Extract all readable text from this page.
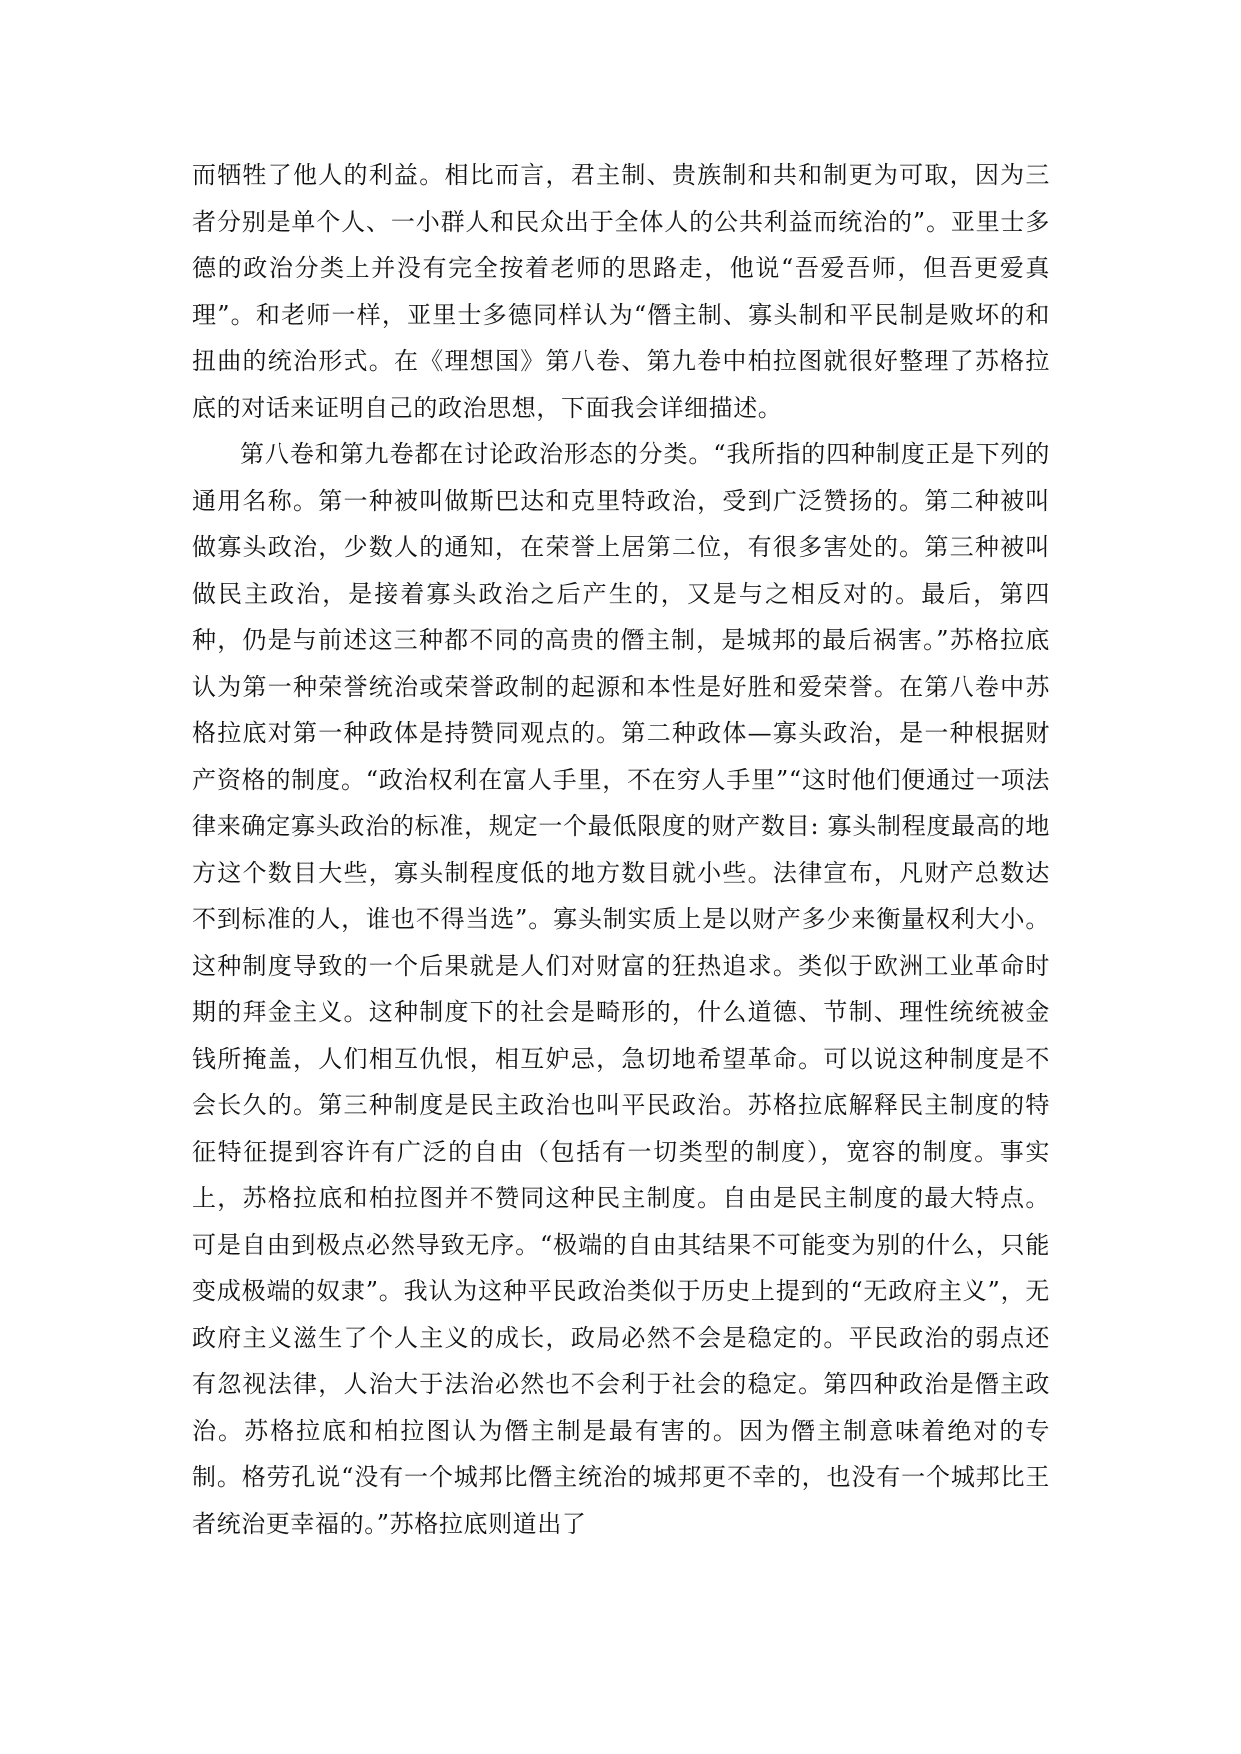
而牺牲了他人的利益。相比而言，君主制、贵族制和共和制更为可取，因为三者分别是单个人、一小群人和民众出于全体人的公共利益而统治的”。亚里士多德的政治分类上并没有完全按着老师的思路走，他说“吾爱吾师，但吾更爱真理”。和老师一样，亚里士多德同样认为“僭主制、寡头制和平民制是败坏的和扭曲的统治形式。在《理想国》第八卷、第九卷中柏拉图就很好整理了苏格拉底的对话来证明自己的政治思想，下面我会详细描述。

第八卷和第九卷都在讨论政治形态的分类。“我所指的四种制度正是下列的通用名称。第一种被叫做斯巴达和克里特政治，受到广泛赞扬的。第二种被叫做寡头政治，少数人的通知，在荣誉上居第二位，有很多害处的。第三种被叫做民主政治，是接着寡头政治之后产生的，又是与之相反对的。最后，第四种，仍是与前述这三种都不同的高贵的僭主制，是城邦的最后祸害。”苏格拉底认为第一种荣誉统治或荣誉政制的起源和本性是好胜和爱荣誉。在第八卷中苏格拉底对第一种政体是持赞同观点的。第二种政体—寡头政治，是一种根据财产资格的制度。“政治权利在富人手里，不在穷人手里”“这时他们便通过一项法律来确定寡头政治的标准，规定一个最低限度的财产数目: 寡头制程度最高的地方这个数目大些，寡头制程度低的地方数目就小些。法律宣布，凡财产总数达不到标准的人，谁也不得当选”。寡头制实质上是以财产多少来衡量权利大小。这种制度导致的一个后果就是人们对财富的狂热追求。类似于欧洲工业革命时期的拜金主义。这种制度下的社会是畸形的，什么道德、节制、理性统统被金钱所掩盖，人们相互仇恨，相互妒忌，急切地希望革命。可以说这种制度是不会长久的。第三种制度是民主政治也叫平民政治。苏格拉底解释民主制度的特征特征提到容许有广泛的自由（包括有一切类型的制度），宽容的制度。事实上，苏格拉底和柏拉图并不赞同这种民主制度。自由是民主制度的最大特点。可是自由到极点必然导致无序。“极端的自由其结果不可能变为别的什么，只能变成极端的奴隶”。我认为这种平民政治类似于历史上提到的“无政府主义”，无政府主义滋生了个人主义的成长，政局必然不会是稳定的。平民政治的弱点还有忽视法律，人治大于法治必然也不会利于社会的稳定。第四种政治是僭主政治。苏格拉底和柏拉图认为僭主制是最有害的。因为僭主制意味着绝对的专制。格劳孔说“没有一个城邦比僭主统治的城邦更不幸的，也没有一个城邦比王者统治更幸福的。”苏格拉底则道出了
